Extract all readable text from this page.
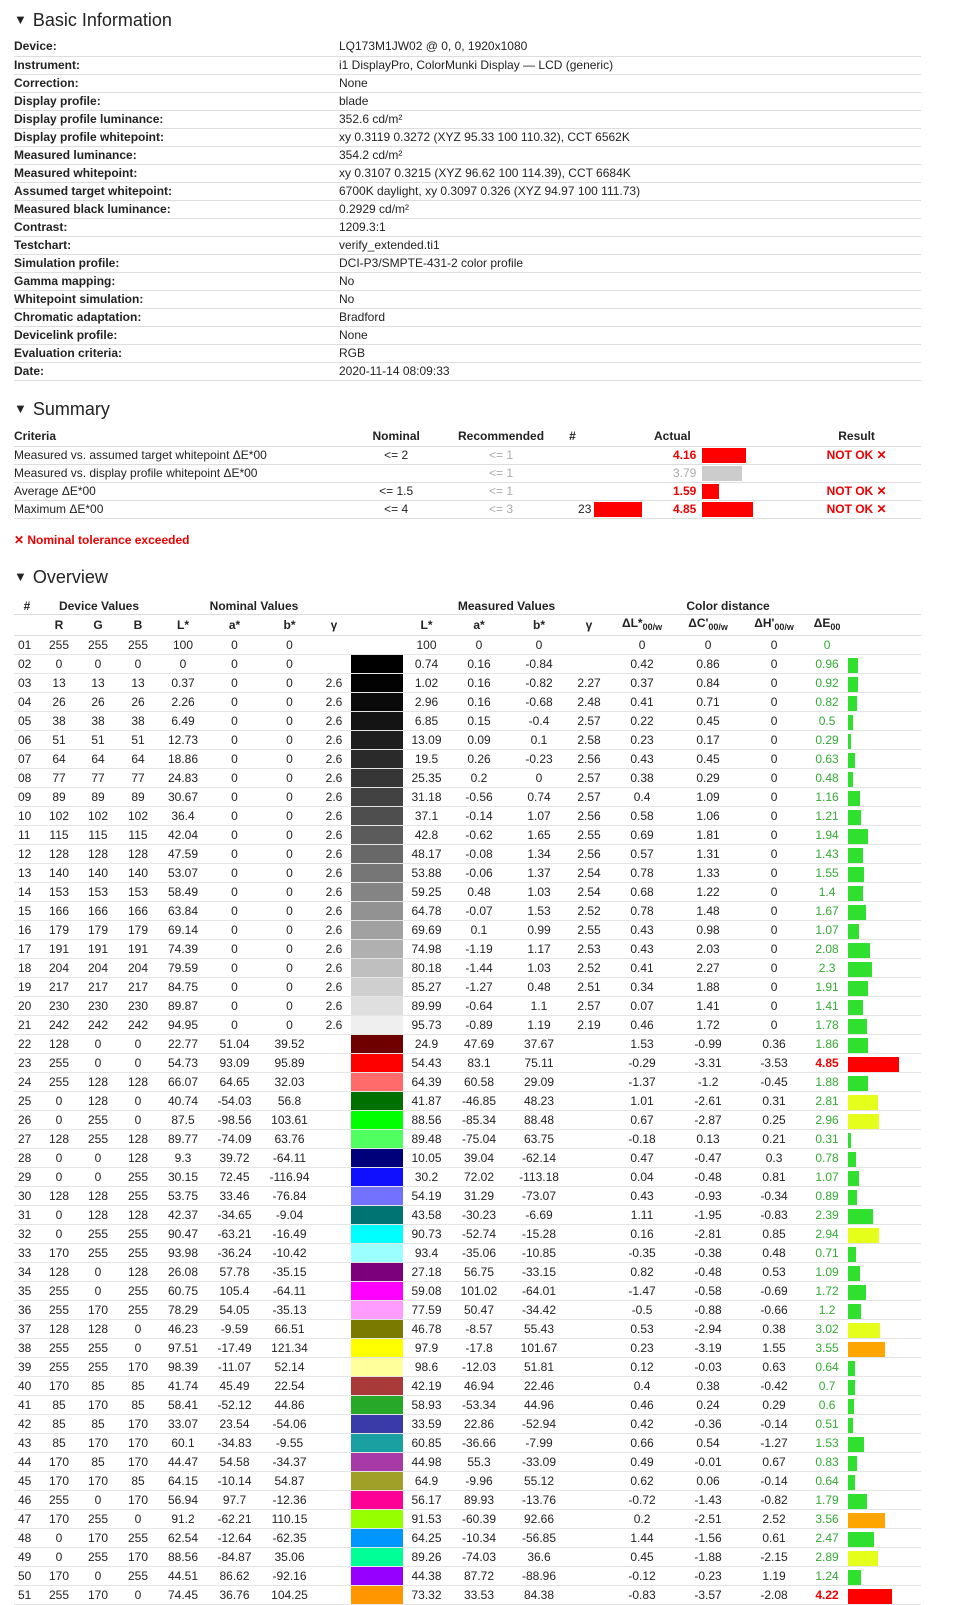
▼ Basic Information
Device:	LQ173M1JW02 @ 0, 0, 1920x1080
Instrument:	i1 DisplayPro, ColorMunki Display — LCD (generic)
Correction:	None
Display profile:	blade
Display profile luminance:	352.6 cd/m²
Display profile whitepoint:	xy 0.3119 0.3272 (XYZ 95.33 100 110.32), CCT 6562K
Measured luminance:	354.2 cd/m²
Measured whitepoint:	xy 0.3107 0.3215 (XYZ 96.62 100 114.39), CCT 6684K
Assumed target whitepoint:	6700K daylight, xy 0.3097 0.326 (XYZ 94.97 100 111.73)
Measured black luminance:	0.2929 cd/m²
Contrast:	1209.3:1
Testchart:	verify_extended.ti1
Simulation profile:	DCI-P3/SMPTE-431-2 color profile
Gamma mapping:	No
Whitepoint simulation:	No
Chromatic adaptation:	Bradford
Devicelink profile:	None
Evaluation criteria:	RGB
Date:	2020-11-14 08:09:33
▼ Summary
Criteria	Nominal	Recommended	#		Actual		Result
Measured vs. assumed target whitepoint ΔE*00	<= 2	<= 1			4.16		NOT OK ✕
Measured vs. display profile whitepoint ΔE*00		<= 1			3.79		
Average ΔE*00	<= 1.5	<= 1			1.59		NOT OK ✕
Maximum ΔE*00	<= 4	<= 3	23		4.85		NOT OK ✕
✕ Nominal tolerance exceeded
▼ Overview
#	Device Values			Nominal Values					Measured Values				Color distance				
	R	G	B	L*	a*	b*	γ		L*	a*	b*	γ	$\Delta L*_{00/w}$	$\Delta C'_{00/w}$	$\Delta H'_{00/w}$	$\Delta E_{00}$	
01	255	255	255	100	0	0			100	0	0		0	0	0	0	
02	0	0	0	0	0	0			0.74	0.16	-0.84		0.42	0.86	0	0.96	
03	13	13	13	0.37	0	0	2.6		1.02	0.16	-0.82	2.27	0.37	0.84	0	0.92	
04	26	26	26	2.26	0	0	2.6		2.96	0.16	-0.68	2.48	0.41	0.71	0	0.82	
05	38	38	38	6.49	0	0	2.6		6.85	0.15	-0.4	2.57	0.22	0.45	0	0.5	
06	51	51	51	12.73	0	0	2.6		13.09	0.09	0.1	2.58	0.23	0.17	0	0.29	
07	64	64	64	18.86	0	0	2.6		19.5	0.26	-0.23	2.56	0.43	0.45	0	0.63	
08	77	77	77	24.83	0	0	2.6		25.35	0.2	0	2.57	0.38	0.29	0	0.48	
09	89	89	89	30.67	0	0	2.6		31.18	-0.56	0.74	2.57	0.4	1.09	0	1.16	
10	102	102	102	36.4	0	0	2.6		37.1	-0.14	1.07	2.56	0.58	1.06	0	1.21	
11	115	115	115	42.04	0	0	2.6		42.8	-0.62	1.65	2.55	0.69	1.81	0	1.94	
12	128	128	128	47.59	0	0	2.6		48.17	-0.08	1.34	2.56	0.57	1.31	0	1.43	
13	140	140	140	53.07	0	0	2.6		53.88	-0.06	1.37	2.54	0.78	1.33	0	1.55	
14	153	153	153	58.49	0	0	2.6		59.25	0.48	1.03	2.54	0.68	1.22	0	1.4	
15	166	166	166	63.84	0	0	2.6		64.78	-0.07	1.53	2.52	0.78	1.48	0	1.67	
16	179	179	179	69.14	0	0	2.6		69.69	0.1	0.99	2.55	0.43	0.98	0	1.07	
17	191	191	191	74.39	0	0	2.6		74.98	-1.19	1.17	2.53	0.43	2.03	0	2.08	
18	204	204	204	79.59	0	0	2.6		80.18	-1.44	1.03	2.52	0.41	2.27	0	2.3	
19	217	217	217	84.75	0	0	2.6		85.27	-1.27	0.48	2.51	0.34	1.88	0	1.91	
20	230	230	230	89.87	0	0	2.6		89.99	-0.64	1.1	2.57	0.07	1.41	0	1.41	
21	242	242	242	94.95	0	0	2.6		95.73	-0.89	1.19	2.19	0.46	1.72	0	1.78	
22	128	0	0	22.77	51.04	39.52			24.9	47.69	37.67		1.53	-0.99	0.36	1.86	
23	255	0	0	54.73	93.09	95.89			54.43	83.1	75.11		-0.29	-3.31	-3.53	4.85	
24	255	128	128	66.07	64.65	32.03			64.39	60.58	29.09		-1.37	-1.2	-0.45	1.88	
25	0	128	0	40.74	-54.03	56.8			41.87	-46.85	48.23		1.01	-2.61	0.31	2.81	
26	0	255	0	87.5	-98.56	103.61			88.56	-85.34	88.48		0.67	-2.87	0.25	2.96	
27	128	255	128	89.77	-74.09	63.76			89.48	-75.04	63.75		-0.18	0.13	0.21	0.31	
28	0	0	128	9.3	39.72	-64.11			10.05	39.04	-62.14		0.47	-0.47	0.3	0.78	
29	0	0	255	30.15	72.45	-116.94			30.2	72.02	-113.18		0.04	-0.48	0.81	1.07	
30	128	128	255	53.75	33.46	-76.84			54.19	31.29	-73.07		0.43	-0.93	-0.34	0.89	
31	0	128	128	42.37	-34.65	-9.04			43.58	-30.23	-6.69		1.11	-1.95	-0.83	2.39	
32	0	255	255	90.47	-63.21	-16.49			90.73	-52.74	-15.28		0.16	-2.81	0.85	2.94	
33	170	255	255	93.98	-36.24	-10.42			93.4	-35.06	-10.85		-0.35	-0.38	0.48	0.71	
34	128	0	128	26.08	57.78	-35.15			27.18	56.75	-33.15		0.82	-0.48	0.53	1.09	
35	255	0	255	60.75	105.4	-64.11			59.08	101.02	-64.01		-1.47	-0.58	-0.69	1.72	
36	255	170	255	78.29	54.05	-35.13			77.59	50.47	-34.42		-0.5	-0.88	-0.66	1.2	
37	128	128	0	46.23	-9.59	66.51			46.78	-8.57	55.43		0.53	-2.94	0.38	3.02	
38	255	255	0	97.51	-17.49	121.34			97.9	-17.8	101.67		0.23	-3.19	1.55	3.55	
39	255	255	170	98.39	-11.07	52.14			98.6	-12.03	51.81		0.12	-0.03	0.63	0.64	
40	170	85	85	41.74	45.49	22.54			42.19	46.94	22.46		0.4	0.38	-0.42	0.7	
41	85	170	85	58.41	-52.12	44.86			58.93	-53.34	44.96		0.46	0.24	0.29	0.6	
42	85	85	170	33.07	23.54	-54.06			33.59	22.86	-52.94		0.42	-0.36	-0.14	0.51	
43	85	170	170	60.1	-34.83	-9.55			60.85	-36.66	-7.99		0.66	0.54	-1.27	1.53	
44	170	85	170	44.47	54.58	-34.37			44.98	55.3	-33.09		0.49	-0.01	0.67	0.83	
45	170	170	85	64.15	-10.14	54.87			64.9	-9.96	55.12		0.62	0.06	-0.14	0.64	
46	255	0	170	56.94	97.7	-12.36			56.17	89.93	-13.76		-0.72	-1.43	-0.82	1.79	
47	170	255	0	91.2	-62.21	110.15			91.53	-60.39	92.66		0.2	-2.51	2.52	3.56	
48	0	170	255	62.54	-12.64	-62.35			64.25	-10.34	-56.85		1.44	-1.56	0.61	2.47	
49	0	255	170	88.56	-84.87	35.06			89.26	-74.03	36.6		0.45	-1.88	-2.15	2.89	
50	170	0	255	44.51	86.62	-92.16			44.38	87.72	-88.96		-0.12	-0.23	1.19	1.24	
51	255	170	0	74.45	36.76	104.25			73.32	33.53	84.38		-0.83	-3.57	-2.08	4.22	
